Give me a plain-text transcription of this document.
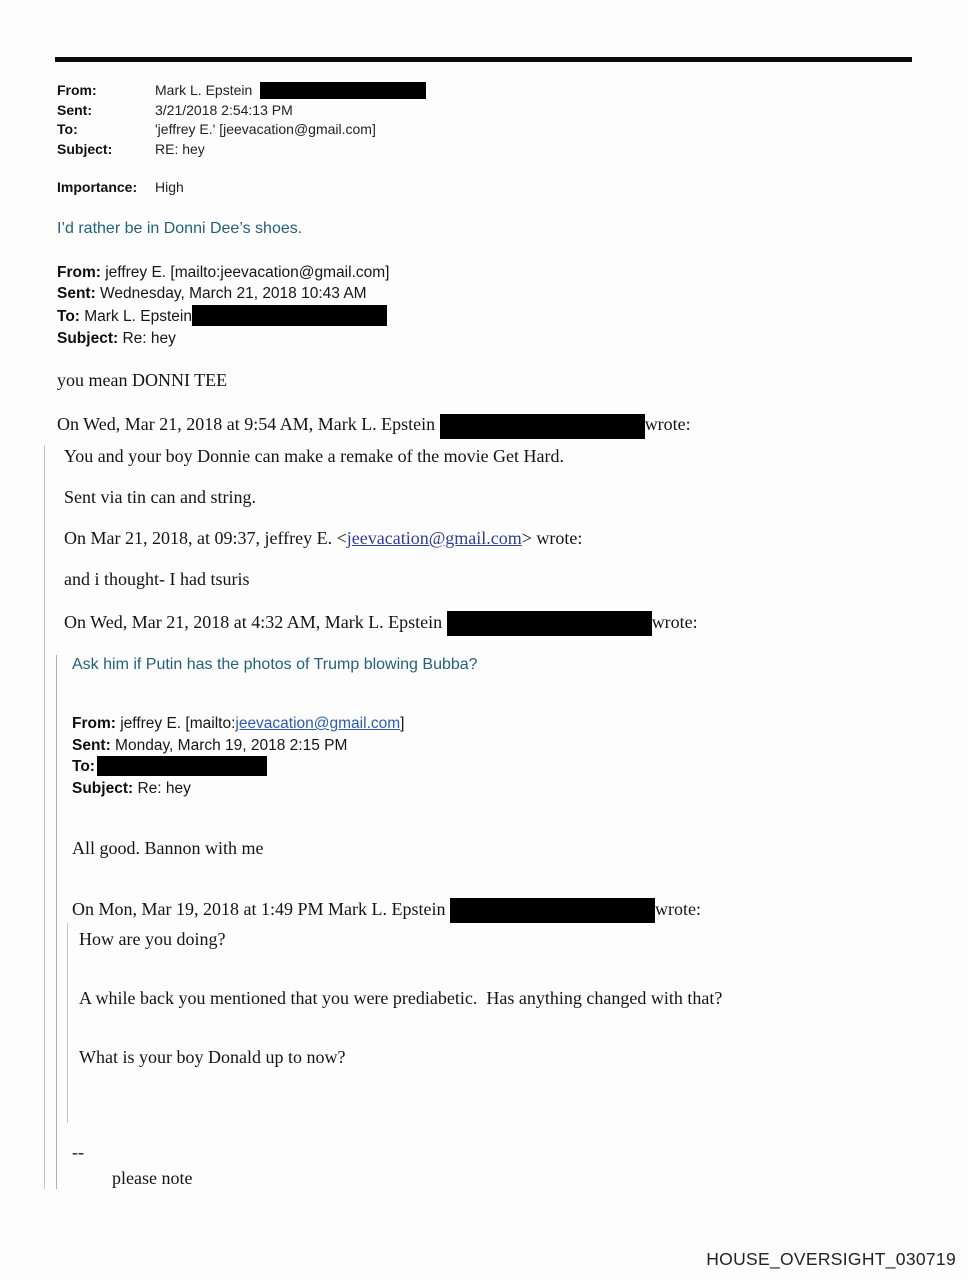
From:	Mark L. Epstein
Sent:	3/21/2018 2:54:13 PM
To:	'jeffrey E.' [jeevacation@gmail.com]
Subject:	RE: hey
Importance:	High

I’d rather be in Donni Dee’s shoes.

From: jeffrey E. [mailto:jeevacation@gmail.com]

Sent: Wednesday, March 21, 2018 10:43 AM

To: Mark L. Epstein

Subject: Re: hey

you mean DONNI TEE

On Wed, Mar 21, 2018 at 9:54 AM, Mark L. Epstein	wrote:

You and your boy Donnie can make a remake of the movie Get Hard.

Sent via tin can and string.

On Mar 21, 2018, at 09:37, jeffrey E. <jeevacation@gmail.com> wrote:

and i thought- I had tsuris

On Wed, Mar 21, 2018 at 4:32 AM, Mark L. Epstein	wrote:

Ask him if Putin has the photos of Trump blowing Bubba?

From: jeffrey E. [mailto:jeevacation@gmail.com]

Sent: Monday, March 19, 2018 2:15 PM

To:

Subject: Re: hey

All good. Bannon with me

On Mon, Mar 19, 2018 at 1:49 PM Mark L. Epstein	wrote:

How are you doing?

A while back you mentioned that you were prediabetic.  Has anything changed with that?

What is your boy Donald up to now?

--

please note

HOUSE_OVERSIGHT_030719
